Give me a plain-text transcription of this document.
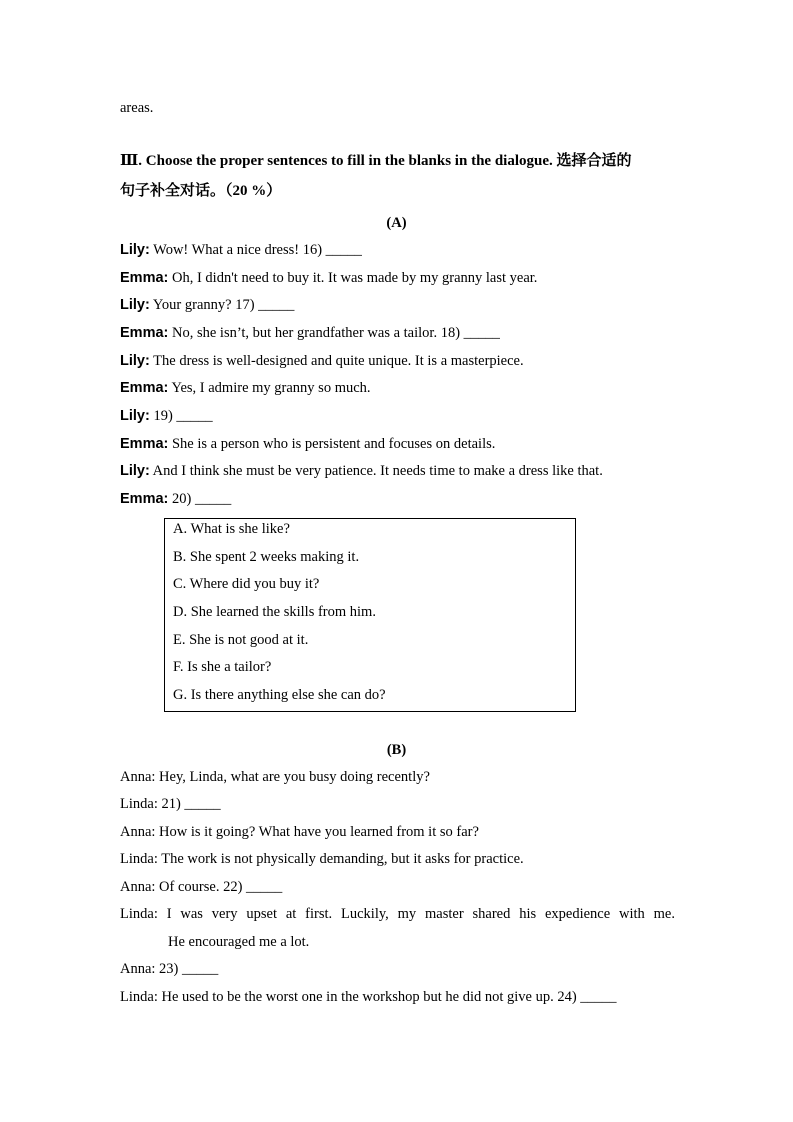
areas.
Ⅲ. Choose the proper sentences to fill in the blanks in the dialogue. 选择合适的
句子补全对话。（20 %）
(A)
Lily: Wow! What a nice dress! 16) _____
Emma: Oh, I didn't need to buy it. It was made by my granny last year.
Lily: Your granny? 17) _____
Emma: No, she isn’t, but her grandfather was a tailor. 18) _____
Lily: The dress is well-designed and quite unique. It is a masterpiece.
Emma: Yes, I admire my granny so much.
Lily: 19) _____
Emma: She is a person who is persistent and focuses on details.
Lily: And I think she must be very patience. It needs time to make a dress like that.
Emma: 20) _____
A. What is she like?
B. She spent 2 weeks making it.
C. Where did you buy it?
D. She learned the skills from him.
E. She is not good at it.
F. Is she a tailor?
G. Is there anything else she can do?
(B)
Anna: Hey, Linda, what are you busy doing recently?
Linda: 21) _____
Anna: How is it going? What have you learned from it so far?
Linda: The work is not physically demanding, but it asks for practice.
Anna: Of course. 22) _____
Linda: I was very upset at first. Luckily, my master shared his expedience with me.
He encouraged me a lot.
Anna: 23) _____
Linda: He used to be the worst one in the workshop but he did not give up. 24) _____
